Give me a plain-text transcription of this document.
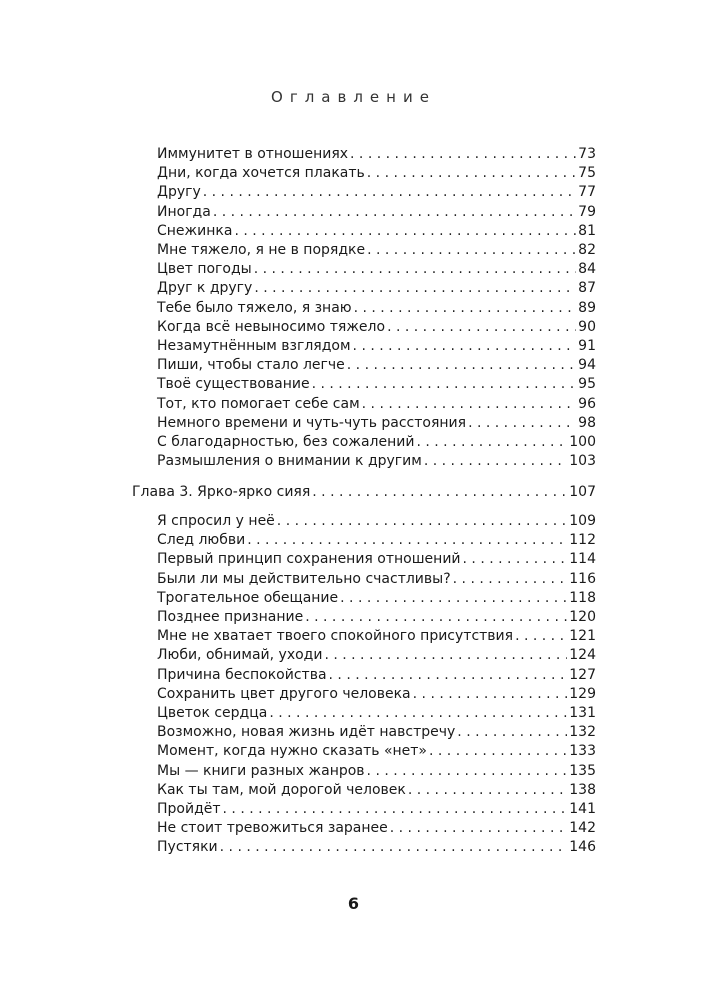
Оглавление
Иммунитет в отношениях . . .	73
Дни, когда хочется плакать . . .	75
Другу . . .	77
Иногда . . .	79
Снежинка . . .	81
Мне тяжело, я не в порядке . . .	82
Цвет погоды . . .	84
Друг к другу . . .	87
Тебе было тяжело, я знаю . . .	89
Когда всё невыносимо тяжело . . .	90
Незамутнённым взглядом . . .	91
Пиши, чтобы стало легче . . .	94
Твоё существование . . .	95
Тот, кто помогает себе сам . . .	96
Немного времени и чуть-чуть расстояния . . .	98
С благодарностью, без сожалений . . .	100
Размышления о внимании к другим . . .	103
Глава 3. Ярко-ярко сияя . . .	107
Я спросил у неё . . .	109
След любви . . .	112
Первый принцип сохранения отношений . . .	114
Были ли мы действительно счастливы? . . .	116
Трогательное обещание . . .	118
Позднее признание . . .	120
Мне не хватает твоего спокойного присутствия . . .	121
Люби, обнимай, уходи . . .	124
Причина беспокойства . . .	127
Сохранить цвет другого человека . . .	129
Цветок сердца . . .	131
Возможно, новая жизнь идёт навстречу . . .	132
Момент, когда нужно сказать «нет» . . .	133
Мы — книги разных жанров . . .	135
Как ты там, мой дорогой человек . . .	138
Пройдёт . . .	141
Не стоит тревожиться заранее . . .	142
Пустяки . . .	146
6
